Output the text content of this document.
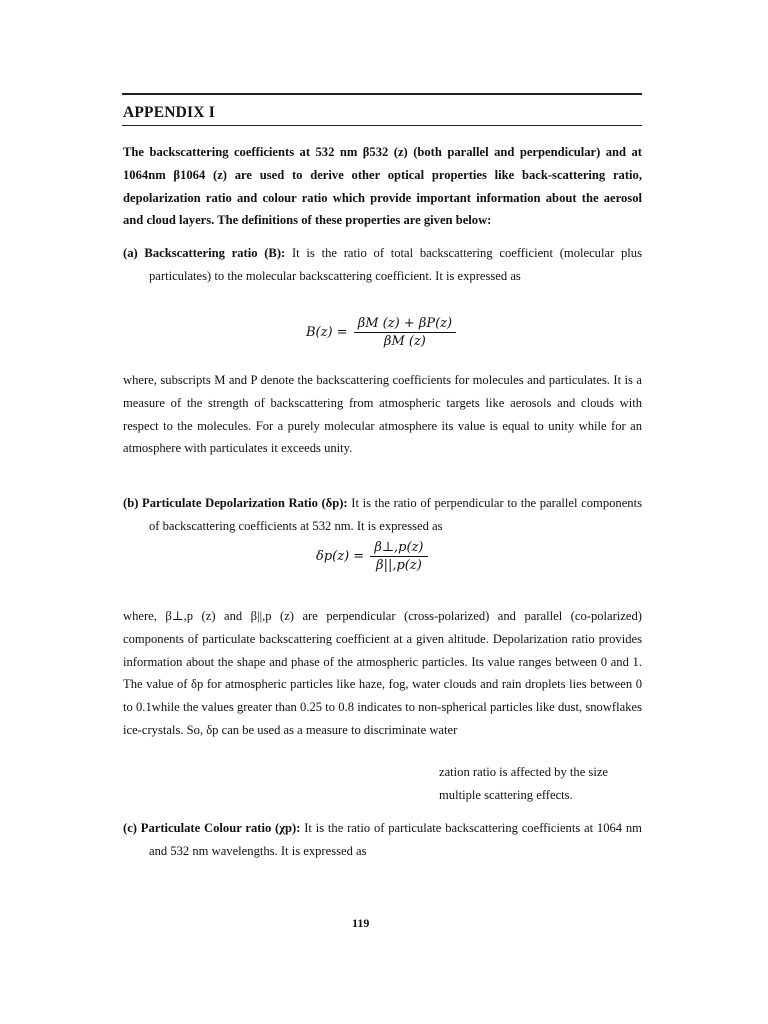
APPENDIX I
The backscattering coefficients at 532 nm β532 (z) (both parallel and perpendicular) and at 1064nm β1064 (z) are used to derive other optical properties like back-scattering ratio, depolarization ratio and colour ratio which provide important information about the aerosol and cloud layers. The definitions of these properties are given below:
(a) Backscattering ratio (B): It is the ratio of total backscattering coefficient (molecular plus particulates) to the molecular backscattering coefficient. It is expressed as
$B(z) = \frac{\beta M (z) + \beta P(z)}{\beta M (z)}$
where, subscripts M and P denote the backscattering coefficients for molecules and particulates. It is a measure of the strength of backscattering from atmospheric targets like aerosols and clouds with respect to the molecules. For a purely molecular atmosphere its value is equal to unity while for an atmosphere with particulates it exceeds unity.
(b) Particulate Depolarization Ratio (δp): It is the ratio of perpendicular to the parallel components of backscattering coefficients at 532 nm. It is expressed as
$\delta p(z) = \frac{\beta\perp,p(z)}{\beta||,p(z)}$
where, β⊥,p (z) and β||,p (z) are perpendicular (cross-polarized) and parallel (co-polarized) components of particulate backscattering coefficient at a given altitude. Depolarization ratio provides information about the shape and phase of the atmospheric particles. Its value ranges between 0 and 1. The value of δp for atmospheric particles like haze, fog, water clouds and rain droplets lies between 0 to 0.1while the values greater than 0.25 to 0.8 indicates to non-spherical particles like dust, snowflakes ice-crystals. So, δp can be used as a measure to discriminate water
zation ratio is affected by the size
multiple scattering effects.
(c) Particulate Colour ratio (χp): It is the ratio of particulate backscattering coefficients at 1064 nm and 532 nm wavelengths. It is expressed as
119
